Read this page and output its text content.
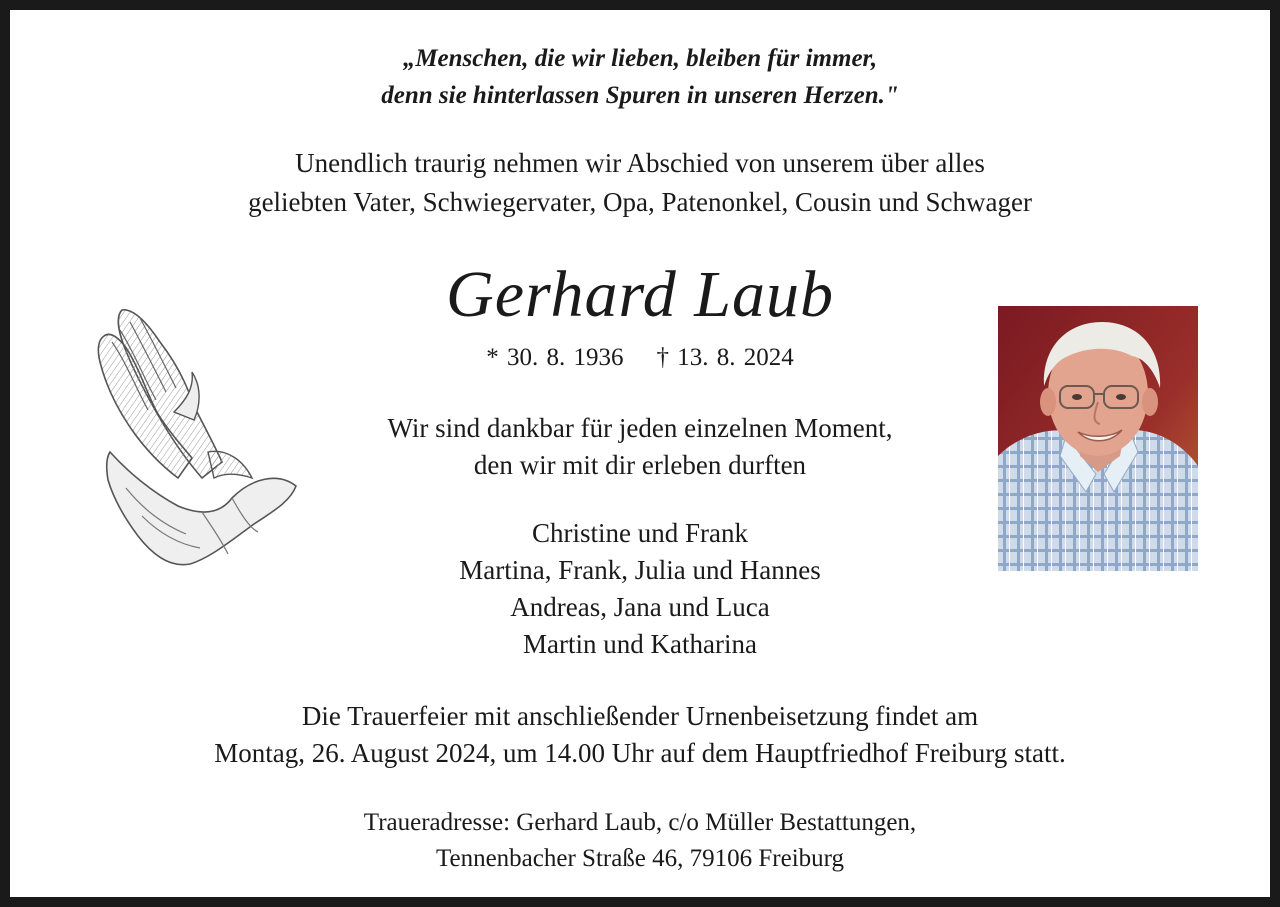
„Menschen, die wir lieben, bleiben für immer,
denn sie hinterlassen Spuren in unseren Herzen."
Unendlich traurig nehmen wir Abschied von unserem über alles
geliebten Vater, Schwiegervater, Opa, Patenonkel, Cousin und Schwager
Gerhard Laub
* 30. 8. 1936 † 13. 8. 2024
Wir sind dankbar für jeden einzelnen Moment,
den wir mit dir erleben durften
Christine und Frank
Martina, Frank, Julia und Hannes
Andreas, Jana und Luca
Martin und Katharina
Die Trauerfeier mit anschließender Urnenbeisetzung findet am
Montag, 26. August 2024, um 14.00 Uhr auf dem Hauptfriedhof Freiburg statt.
Traueradresse: Gerhard Laub, c/o Müller Bestattungen,
Tennenbacher Straße 46, 79106 Freiburg
